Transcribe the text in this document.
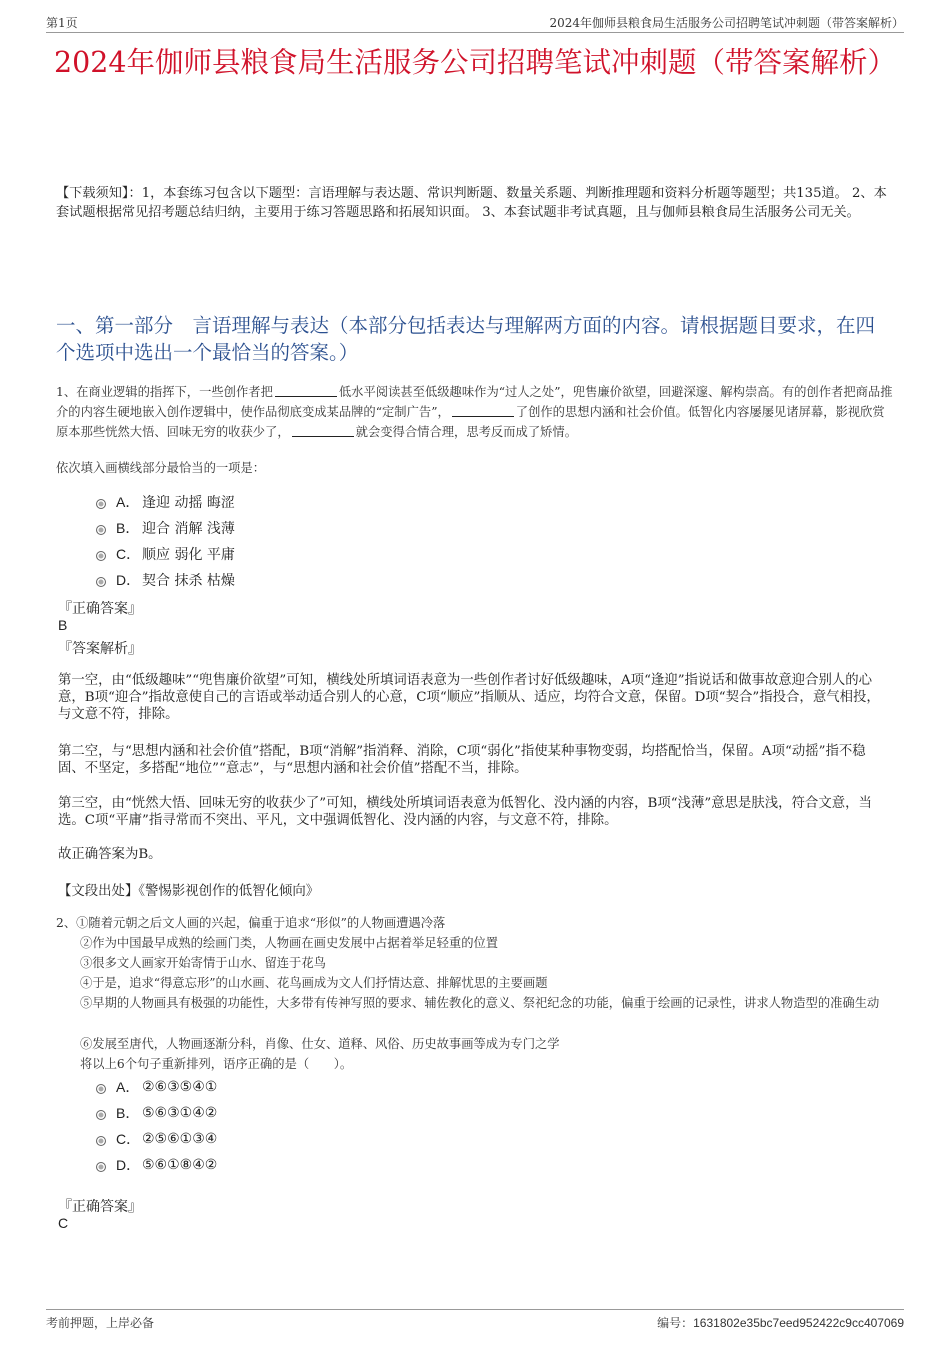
第1页	2024年伽师县粮食局生活服务公司招聘笔试冲刺题（带答案解析）
2024年伽师县粮食局生活服务公司招聘笔试冲刺题（带答案解析）
【下载须知】：1，本套练习包含以下题型：言语理解与表达题、常识判断题、数量关系题、判断推理题和资料分析题等题型；共135道。 2、本套试题根据常见招考题总结归纳，主要用于练习答题思路和拓展知识面。 3、本套试题非考试真题，且与伽师县粮食局生活服务公司无关。
一、第一部分　言语理解与表达（本部分包括表达与理解两方面的内容。请根据题目要求，在四个选项中选出一个最恰当的答案。）
1、在商业逻辑的指挥下，一些创作者把	低水平阅读甚至低级趣味作为“过人之处”，兜售廉价欲望，回避深邃、解构崇高。有的创作者把商品推介的内容生硬地嵌入创作逻辑中，使作品彻底变成某品牌的“定制广告”，	了创作的思想内涵和社会价值。低智化内容屡屡见诸屏幕，影视欣赏原本那些恍然大悟、回味无穷的收获少了，	就会变得合情合理，思考反而成了矫情。
依次填入画横线部分最恰当的一项是：
A． 逢迎 动摇 晦涩
B． 迎合 消解 浅薄
C． 顺应 弱化 平庸
D． 契合 抹杀 枯燥
『正确答案』
B
『答案解析』
第一空，由“低级趣味”“兜售廉价欲望”可知，横线处所填词语表意为一些创作者讨好低级趣味，A项“逢迎”指说话和做事故意迎合别人的心意，B项“迎合”指故意使自己的言语或举动适合别人的心意，C项“顺应”指顺从、适应，均符合文意，保留。D项“契合”指投合，意气相投，与文意不符，排除。
第二空，与“思想内涵和社会价值”搭配，B项“消解”指消释、消除，C项“弱化”指使某种事物变弱，均搭配恰当，保留。A项“动摇”指不稳固、不坚定，多搭配“地位”“意志”，与“思想内涵和社会价值”搭配不当，排除。
第三空，由“恍然大悟、回味无穷的收获少了”可知，横线处所填词语表意为低智化、没内涵的内容，B项“浅薄”意思是肤浅，符合文意，当选。C项“平庸”指寻常而不突出、平凡，文中强调低智化、没内涵的内容，与文意不符，排除。
故正确答案为B。
【文段出处】《警惕影视创作的低智化倾向》
2、①随着元朝之后文人画的兴起，偏重于追求“形似”的人物画遭遇冷落
②作为中国最早成熟的绘画门类，人物画在画史发展中占据着举足轻重的位置
③很多文人画家开始寄情于山水、留连于花鸟
④于是，追求“得意忘形”的山水画、花鸟画成为文人们抒情达意、排解忧思的主要画题
⑤早期的人物画具有极强的功能性，大多带有传神写照的要求、辅佐教化的意义、祭祀纪念的功能，偏重于绘画的记录性，讲求人物造型的准确生动
⑥发展至唐代，人物画逐渐分科，肖像、仕女、道释、风俗、历史故事画等成为专门之学
将以上6个句子重新排列，语序正确的是（　　）。
A． ②⑥③⑤④①
B． ⑤⑥③①④②
C． ②⑤⑥①③④
D． ⑤⑥①⑧④②
『正确答案』
C
考前押题，上岸必备	编号：1631802e35bc7eed952422c9cc407069
